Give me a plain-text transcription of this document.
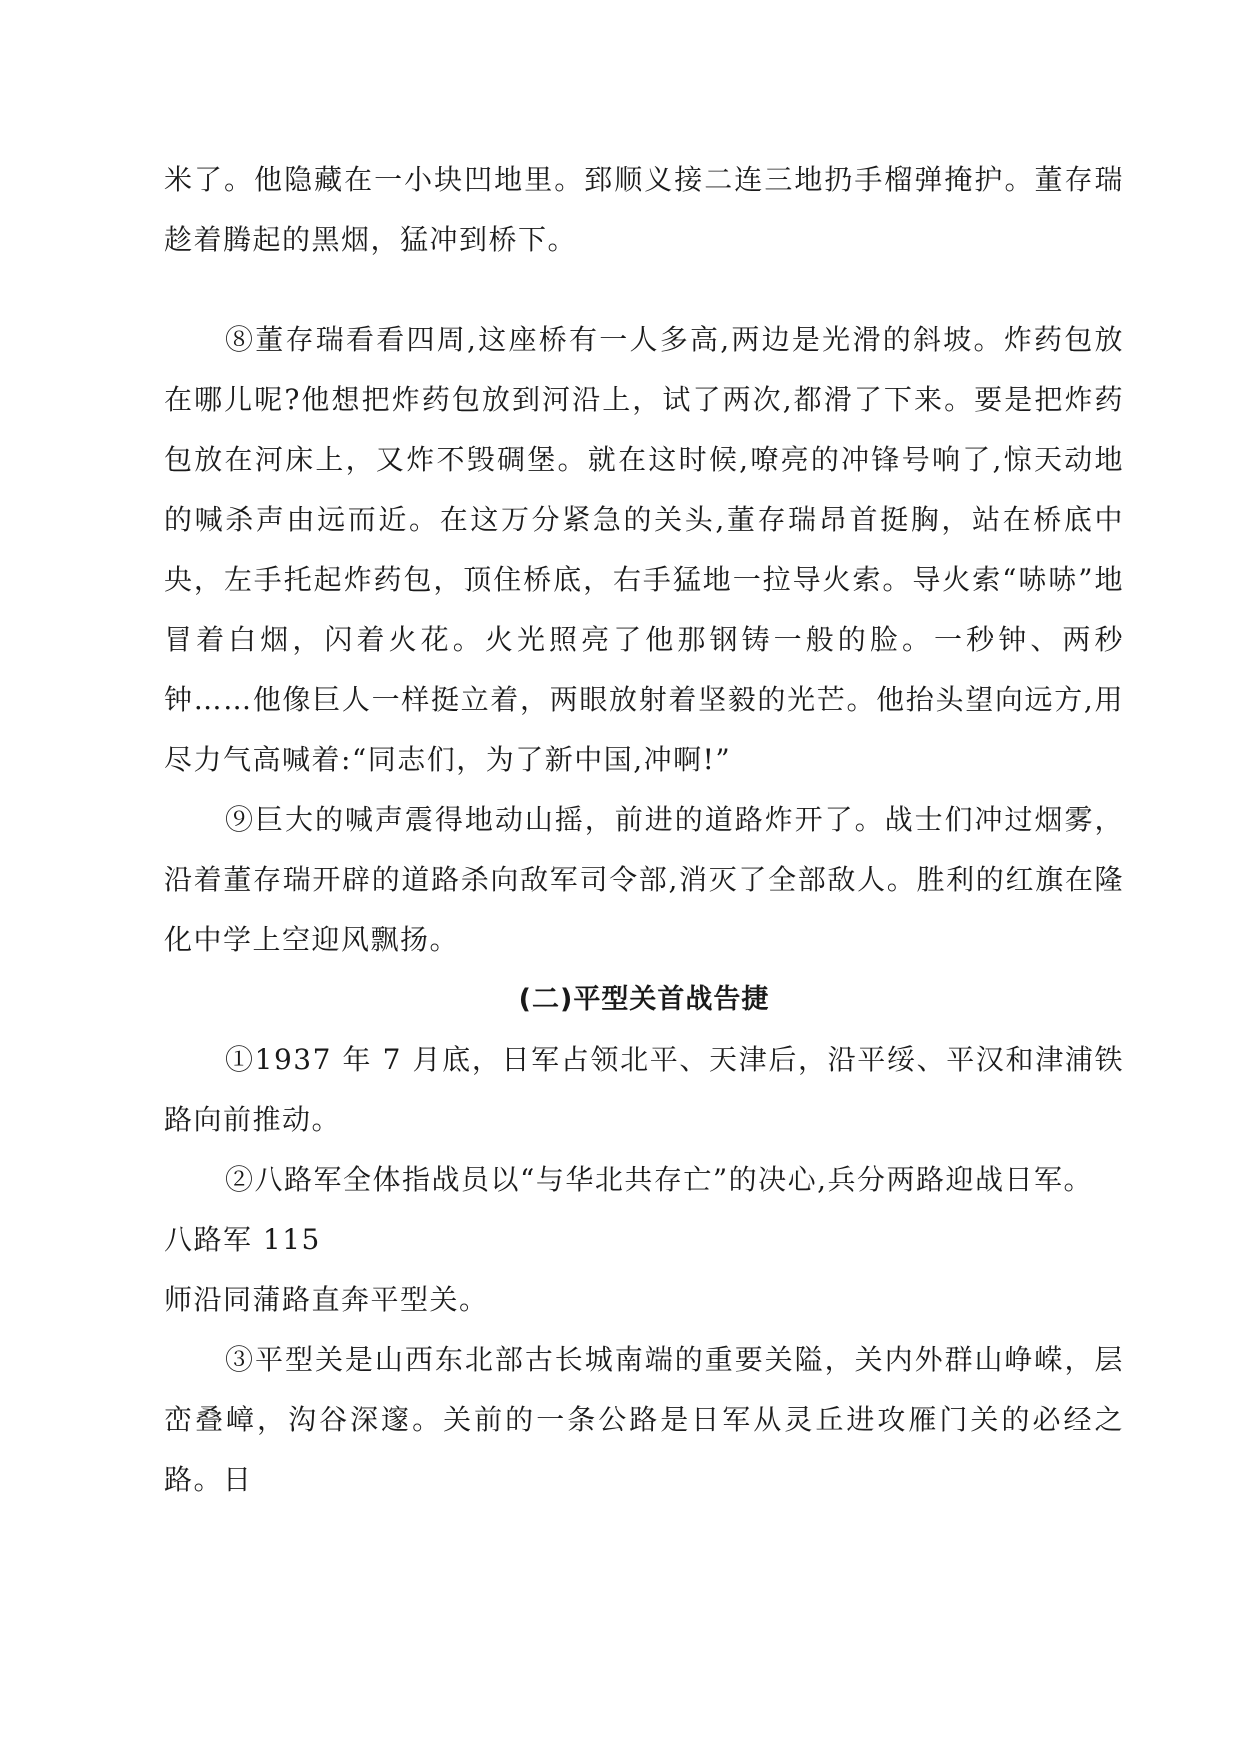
米了。他隐藏在一小块凹地里。郅顺义接二连三地扔手榴弹掩护。董存瑞趁着腾起的黑烟，猛冲到桥下。

⑧董存瑞看看四周,这座桥有一人多高,两边是光滑的斜坡。炸药包放在哪儿呢?他想把炸药包放到河沿上，试了两次,都滑了下来。要是把炸药包放在河床上，又炸不毁碉堡。就在这时候,嘹亮的冲锋号响了,惊天动地的喊杀声由远而近。在这万分紧急的关头,董存瑞昂首挺胸，站在桥底中央，左手托起炸药包，顶住桥底，右手猛地一拉导火索。导火索“哧哧”地冒着白烟，闪着火花。火光照亮了他那钢铸一般的脸。一秒钟、两秒钟……他像巨人一样挺立着，两眼放射着坚毅的光芒。他抬头望向远方,用尽力气高喊着:“同志们，为了新中国,冲啊!”

⑨巨大的喊声震得地动山摇，前进的道路炸开了。战士们冲过烟雾，沿着董存瑞开辟的道路杀向敌军司令部,消灭了全部敌人。胜利的红旗在隆化中学上空迎风飘扬。

(二)平型关首战告捷

①1937 年 7 月底，日军占领北平、天津后，沿平绥、平汉和津浦铁路向前推动。

②八路军全体指战员以“与华北共存亡”的决心,兵分两路迎战日军。

八路军 115

师沿同蒲路直奔平型关。

③平型关是山西东北部古长城南端的重要关隘，关内外群山峥嵘，层峦叠嶂，沟谷深邃。关前的一条公路是日军从灵丘进攻雁门关的必经之路。日
